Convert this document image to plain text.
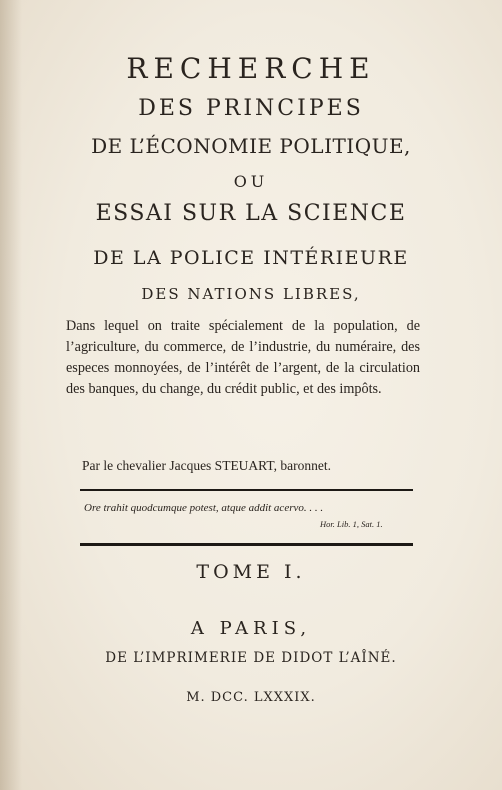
RECHERCHE
DES PRINCIPES
DE L’ÉCONOMIE POLITIQUE,
OU
ESSAI SUR LA SCIENCE
DE LA POLICE INTÉRIEURE
DES NATIONS LIBRES,
Dans lequel on traite spécialement de la population, de l’agriculture, du commerce, de l’industrie, du numéraire, des especes monnoyées, de l’intérêt de l’argent, de la circulation des banques, du change, du crédit public, et des impôts.
Par le chevalier Jacques STEUART, baronnet.
Ore trahit quodcumque potest, atque addit acervo. . . .
Hor. Lib. 1, Sat. 1.
TOME I.
A PARIS,
DE L’IMPRIMERIE DE DIDOT L’AÎNÉ.
M. DCC. LXXXIX.
